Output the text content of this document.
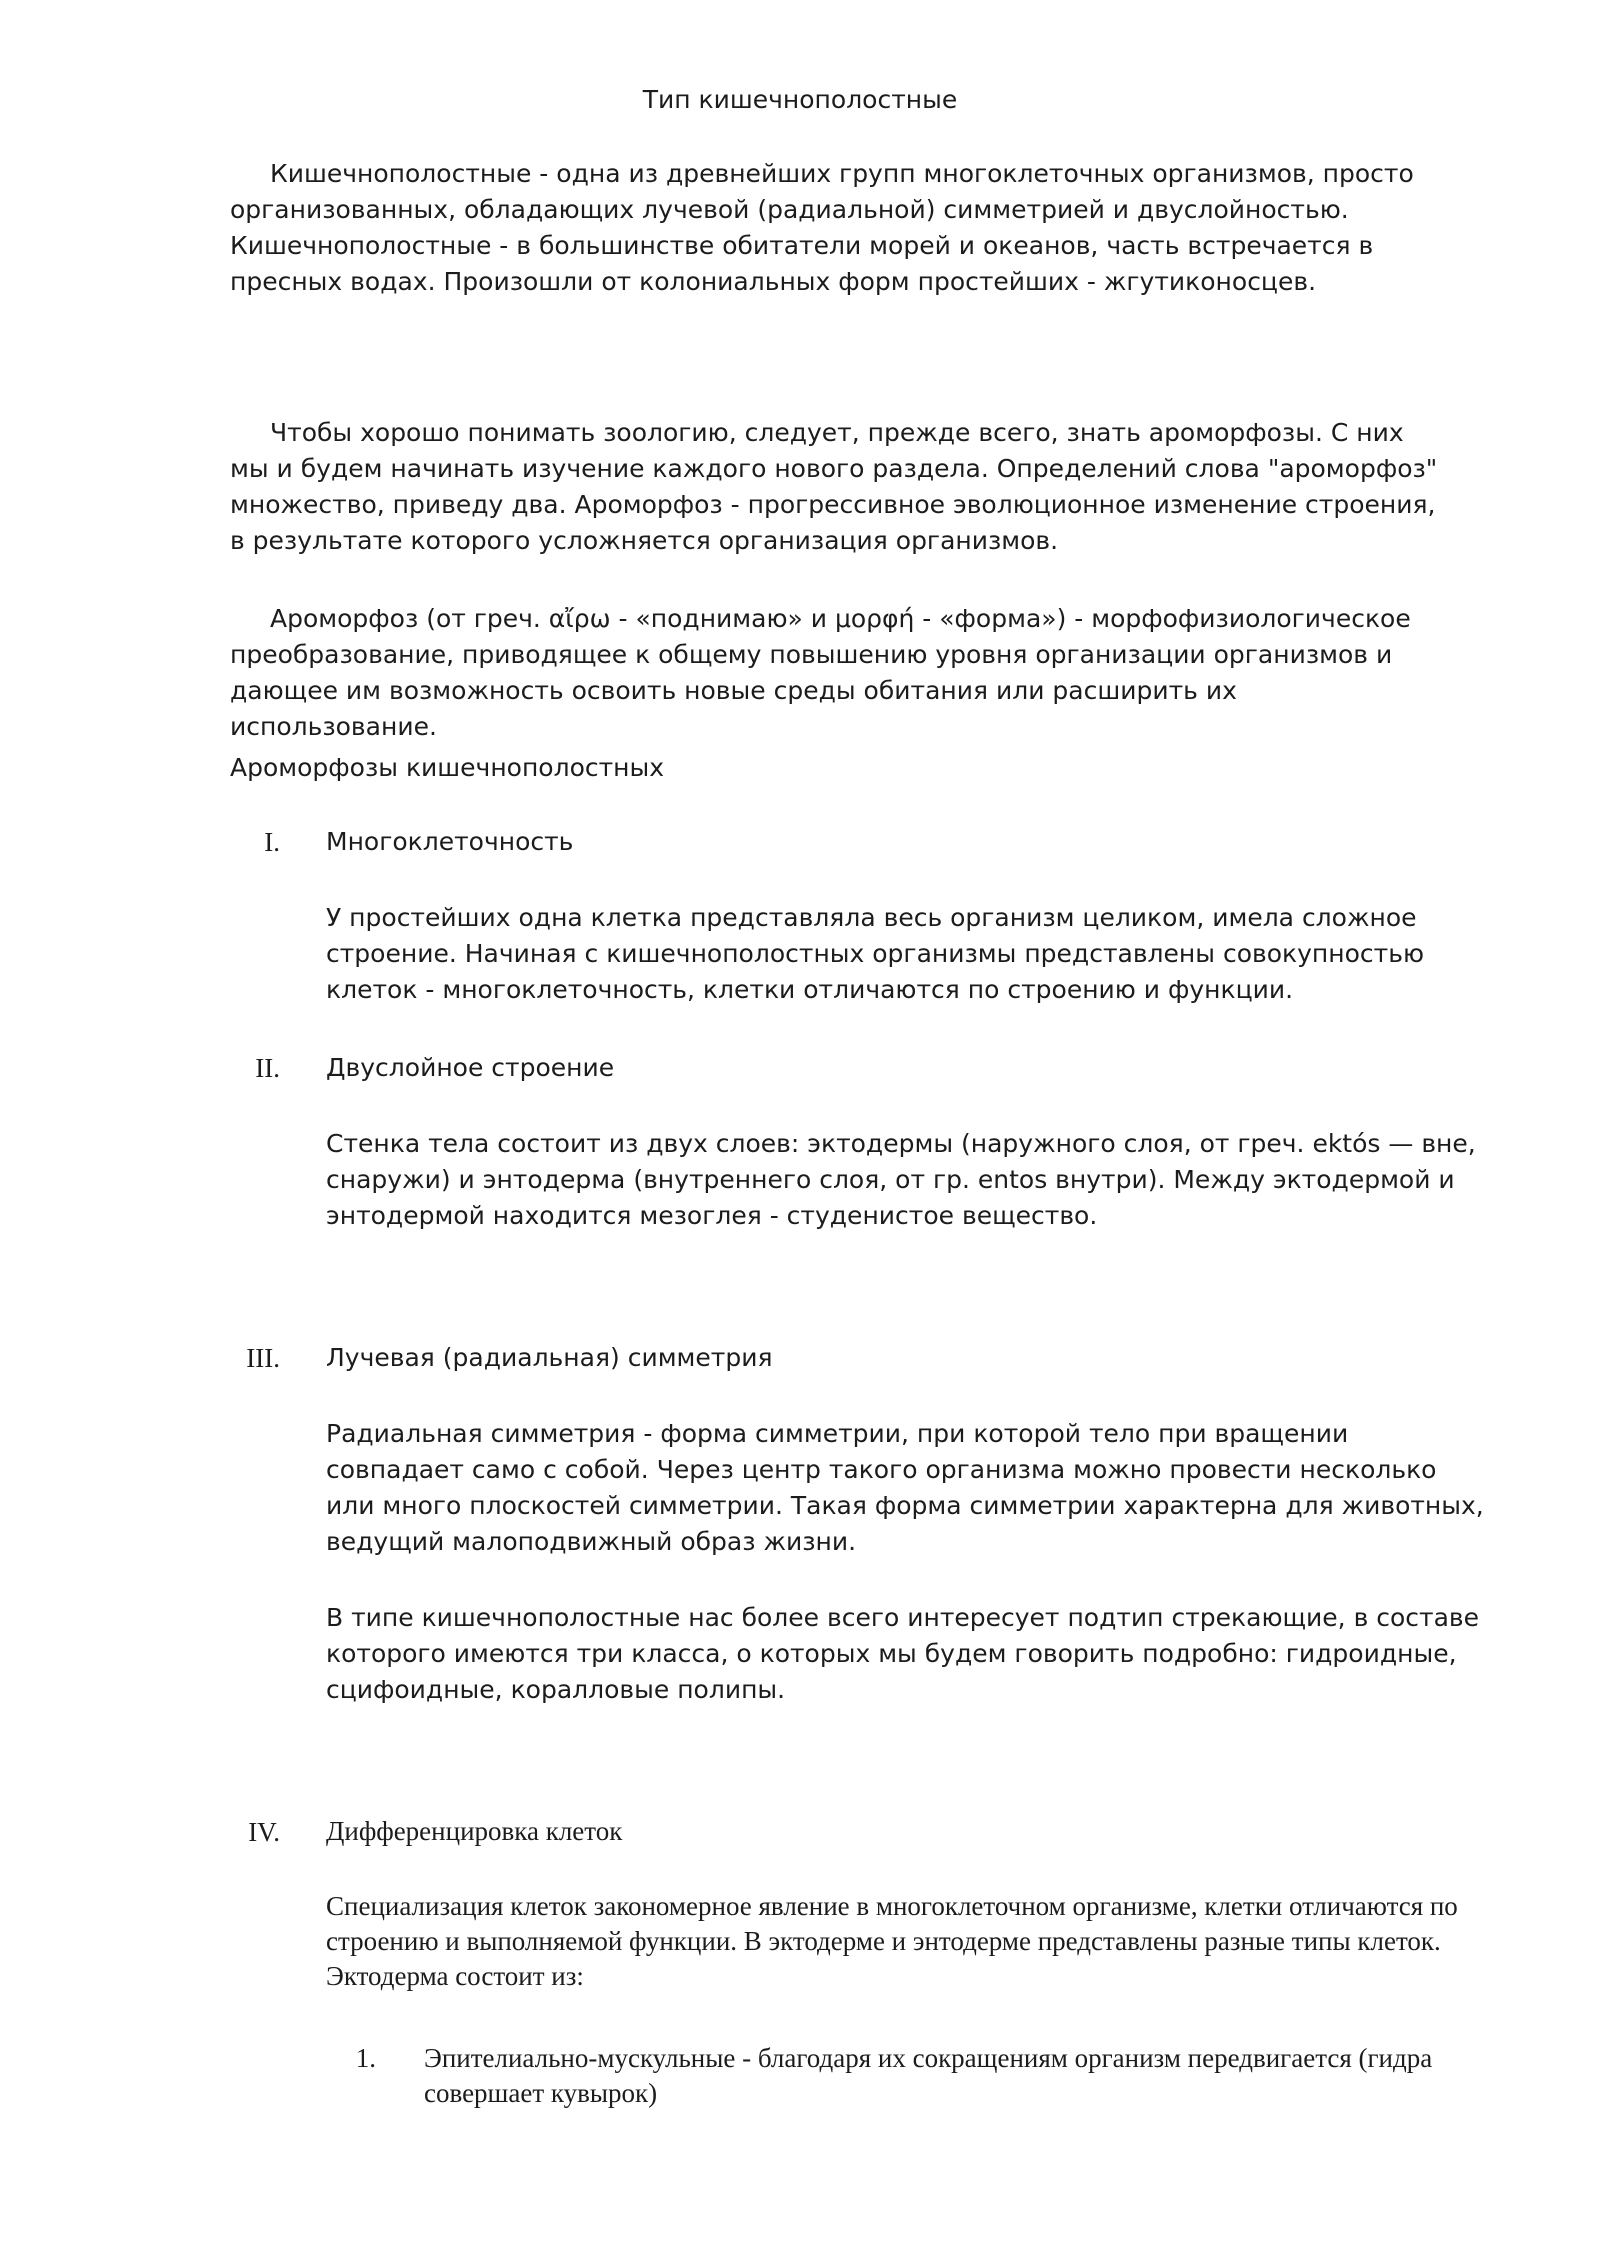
Тип кишечнополостные

Кишечнополостные - одна из древнейших групп многоклеточных организмов, просто организованных, обладающих лучевой (радиальной) симметрией и двуслойностью. Кишечнополостные - в большинстве обитатели морей и океанов, часть встречается в пресных водах. Произошли от колониальных форм простейших - жгутиконосцев.

Чтобы хорошо понимать зоологию, следует, прежде всего, знать ароморфозы. С них мы и будем начинать изучение каждого нового раздела. Определений слова "ароморфоз" множество, приведу два. Ароморфоз - прогрессивное эволюционное изменение строения, в результате которого усложняется организация организмов.

Ароморфоз (от греч. αἴρω - «поднимаю» и μορφή - «форма») - морфофизиологическое преобразование, приводящее к общему повышению уровня организации организмов и дающее им возможность освоить новые среды обитания или расширить их использование.

Ароморфозы кишечнополостных

I. Многоклеточность

У простейших одна клетка представляла весь организм целиком, имела сложное строение. Начиная с кишечнополостных организмы представлены совокупностью клеток - многоклеточность, клетки отличаются по строению и функции.

II. Двуслойное строение

Стенка тела состоит из двух слоев: эктодермы (наружного слоя, от греч. ektós — вне, снаружи) и энтодерма (внутреннего слоя, от гр. entos внутри). Между эктодермой и энтодермой находится мезоглея - студенистое вещество.

III. Лучевая (радиальная) симметрия

Радиальная симметрия - форма симметрии, при которой тело при вращении совпадает само с собой. Через центр такого организма можно провести несколько или много плоскостей симметрии. Такая форма симметрии характерна для животных, ведущий малоподвижный образ жизни.

В типе кишечнополостные нас более всего интересует подтип стрекающие, в составе которого имеются три класса, о которых мы будем говорить подробно: гидроидные, сцифоидные, коралловые полипы.

IV. Дифференцировка клеток

Специализация клеток закономерное явление в многоклеточном организме, клетки отличаются по строению и выполняемой функции. В эктодерме и энтодерме представлены разные типы клеток. Эктодерма состоит из:

1. Эпителиально-мускульные - благодаря их сокращениям организм передвигается (гидра совершает кувырок)
